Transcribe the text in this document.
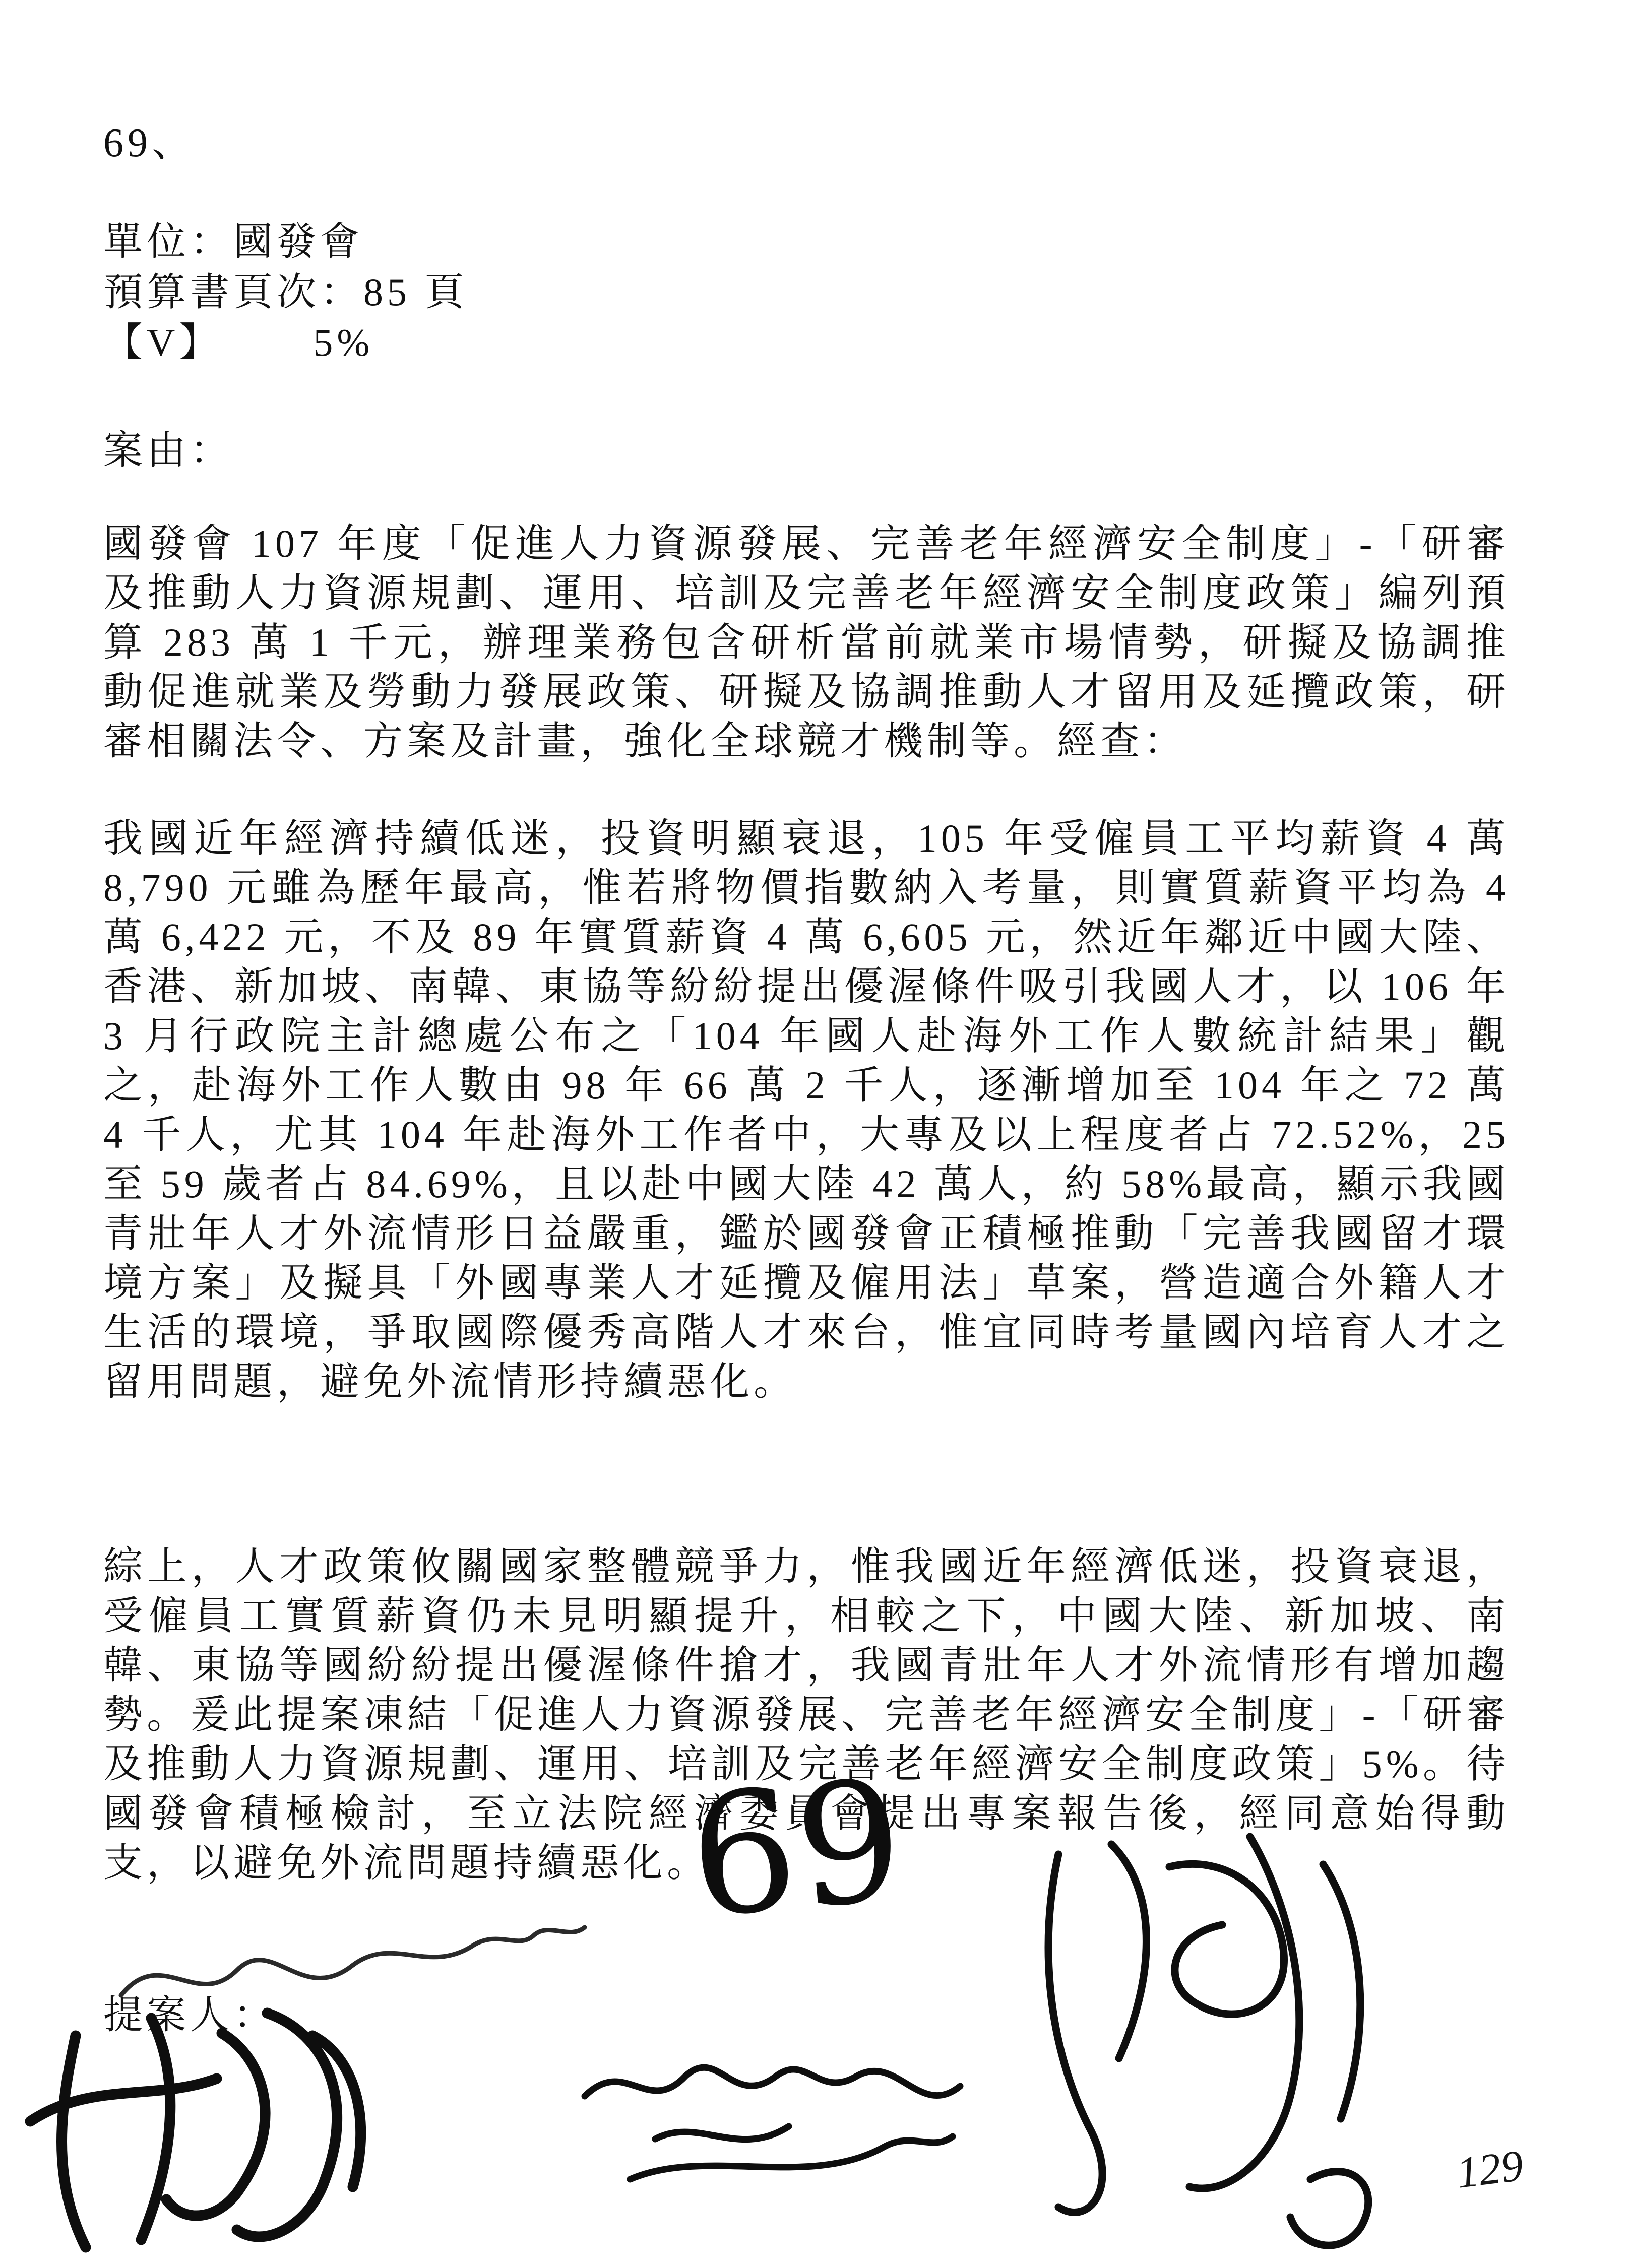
69、
單位：國發會
預算書頁次：85 頁
【V】 5%
案由：
國發會 107 年度「促進人力資源發展、完善老年經濟安全制度」-「研審及推動人力資源規劃、運用、培訓及完善老年經濟安全制度政策」編列預算 283 萬 1 千元，辦理業務包含研析當前就業市場情勢，研擬及協調推動促進就業及勞動力發展政策、研擬及協調推動人才留用及延攬政策，研審相關法令、方案及計畫，強化全球競才機制等。經查：
我國近年經濟持續低迷，投資明顯衰退，105 年受僱員工平均薪資 4 萬 8,790 元雖為歷年最高，惟若將物價指數納入考量，則實質薪資平均為 4 萬 6,422 元，不及 89 年實質薪資 4 萬 6,605 元，然近年鄰近中國大陸、香港、新加坡、南韓、東協等紛紛提出優渥條件吸引我國人才，以 106 年 3 月行政院主計總處公布之「104 年國人赴海外工作人數統計結果」觀之，赴海外工作人數由 98 年 66 萬 2 千人，逐漸增加至 104 年之 72 萬 4 千人，尤其 104 年赴海外工作者中，大專及以上程度者占 72.52%，25 至 59 歲者占 84.69%，且以赴中國大陸 42 萬人，約 58%最高，顯示我國青壯年人才外流情形日益嚴重，鑑於國發會正積極推動「完善我國留才環境方案」及擬具「外國專業人才延攬及僱用法」草案，營造適合外籍人才生活的環境，爭取國際優秀高階人才來台，惟宜同時考量國內培育人才之留用問題，避免外流情形持續惡化。
綜上，人才政策攸關國家整體競爭力，惟我國近年經濟低迷，投資衰退，受僱員工實質薪資仍未見明顯提升，相較之下，中國大陸、新加坡、南韓、東協等國紛紛提出優渥條件搶才，我國青壯年人才外流情形有增加趨勢。爰此提案凍結「促進人力資源發展、完善老年經濟安全制度」-「研審及推動人力資源規劃、運用、培訓及完善老年經濟安全制度政策」5%。待國發會積極檢討，至立法院經濟委員會提出專案報告後，經同意始得動支，以避免外流問題持續惡化。
提案人：
69
129
